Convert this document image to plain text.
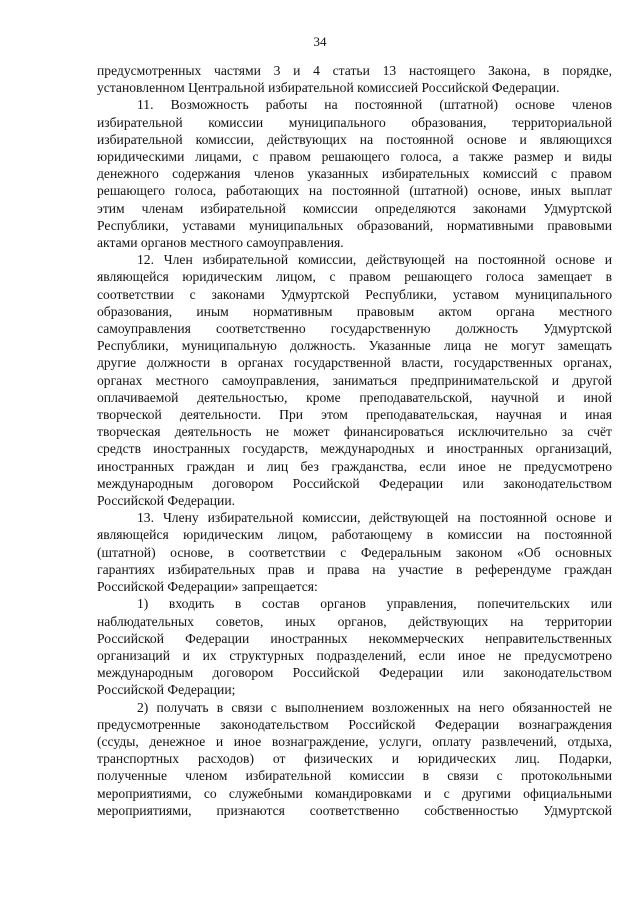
34
предусмотренных частями 3 и 4 статьи 13 настоящего Закона, в порядке,
установленном Центральной избирательной комиссией Российской Федерации.
11. Возможность работы на постоянной (штатной) основе членов
избирательной комиссии муниципального образования, территориальной
избирательной комиссии, действующих на постоянной основе и являющихся
юридическими лицами, с правом решающего голоса, а также размер и виды
денежного содержания членов указанных избирательных комиссий с правом
решающего голоса, работающих на постоянной (штатной) основе, иных выплат
этим членам избирательной комиссии определяются законами Удмуртской
Республики, уставами муниципальных образований, нормативными правовыми
актами органов местного самоуправления.
12. Член избирательной комиссии, действующей на постоянной основе и
являющейся юридическим лицом, с правом решающего голоса замещает в
соответствии с законами Удмуртской Республики, уставом муниципального
образования, иным нормативным правовым актом органа местного
самоуправления соответственно государственную должность Удмуртской
Республики, муниципальную должность. Указанные лица не могут замещать
другие должности в органах государственной власти, государственных органах,
органах местного самоуправления, заниматься предпринимательской и другой
оплачиваемой деятельностью, кроме преподавательской, научной и иной
творческой деятельности. При этом преподавательская, научная и иная
творческая деятельность не может финансироваться исключительно за счёт
средств иностранных государств, международных и иностранных организаций,
иностранных граждан и лиц без гражданства, если иное не предусмотрено
международным договором Российской Федерации или законодательством
Российской Федерации.
13. Члену избирательной комиссии, действующей на постоянной основе и
являющейся юридическим лицом, работающему в комиссии на постоянной
(штатной) основе, в соответствии с Федеральным законом «Об основных
гарантиях избирательных прав и права на участие в референдуме граждан
Российской Федерации» запрещается:
1) входить в состав органов управления, попечительских или
наблюдательных советов, иных органов, действующих на территории
Российской Федерации иностранных некоммерческих неправительственных
организаций и их структурных подразделений, если иное не предусмотрено
международным договором Российской Федерации или законодательством
Российской Федерации;
2) получать в связи с выполнением возложенных на него обязанностей не
предусмотренные законодательством Российской Федерации вознаграждения
(ссуды, денежное и иное вознаграждение, услуги, оплату развлечений, отдыха,
транспортных расходов) от физических и юридических лиц. Подарки,
полученные членом избирательной комиссии в связи с протокольными
мероприятиями, со служебными командировками и с другими официальными
мероприятиями, признаются соответственно собственностью Удмуртской
